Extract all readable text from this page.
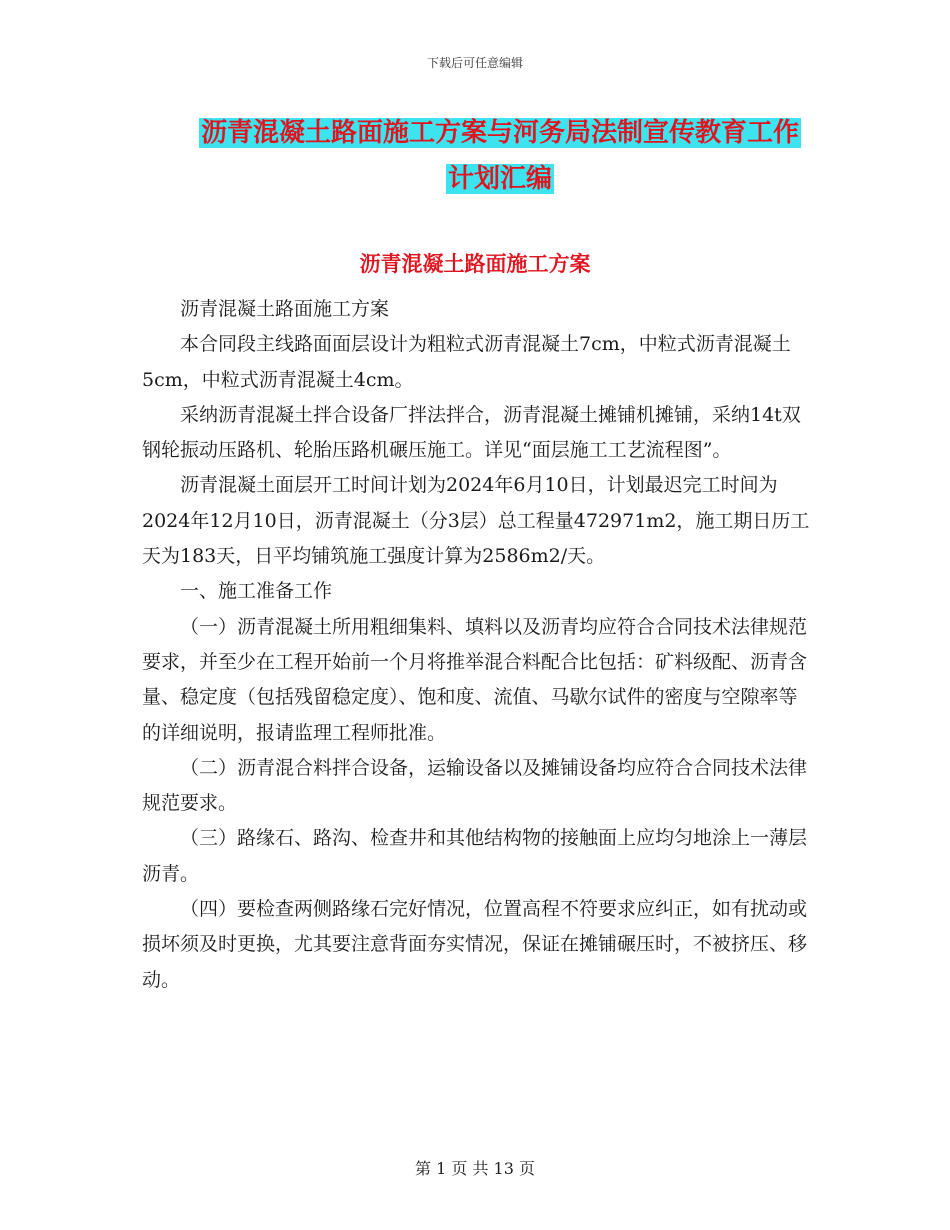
下载后可任意编辑
沥青混凝土路面施工方案与河务局法制宣传教育工作
计划汇编
沥青混凝土路面施工方案

沥青混凝土路面施工方案

本合同段主线路面面层设计为粗粒式沥青混凝土7cm，中粒式沥青混凝土5cm，中粒式沥青混凝土4cm。

采纳沥青混凝土拌合设备厂拌法拌合，沥青混凝土摊铺机摊铺，采纳14t双钢轮振动压路机、轮胎压路机碾压施工。详见“面层施工工艺流程图”。

沥青混凝土面层开工时间计划为2024年6月10日，计划最迟完工时间为2024年12月10日，沥青混凝土（分3层）总工程量472971m2，施工期日历工天为183天，日平均铺筑施工强度计算为2586m2/天。

一、施工准备工作

（一）沥青混凝土所用粗细集料、填料以及沥青均应符合合同技术法律规范要求，并至少在工程开始前一个月将推举混合料配合比包括：矿料级配、沥青含量、稳定度（包括残留稳定度）、饱和度、流值、马歇尔试件的密度与空隙率等的详细说明，报请监理工程师批准。

（二）沥青混合料拌合设备，运输设备以及摊铺设备均应符合合同技术法律规范要求。

（三）路缘石、路沟、检查井和其他结构物的接触面上应均匀地涂上一薄层沥青。

（四）要检查两侧路缘石完好情况，位置高程不符要求应纠正，如有扰动或损坏须及时更换，尤其要注意背面夯实情况，保证在摊铺碾压时，不被挤压、移动。

第 1 页 共 13 页
